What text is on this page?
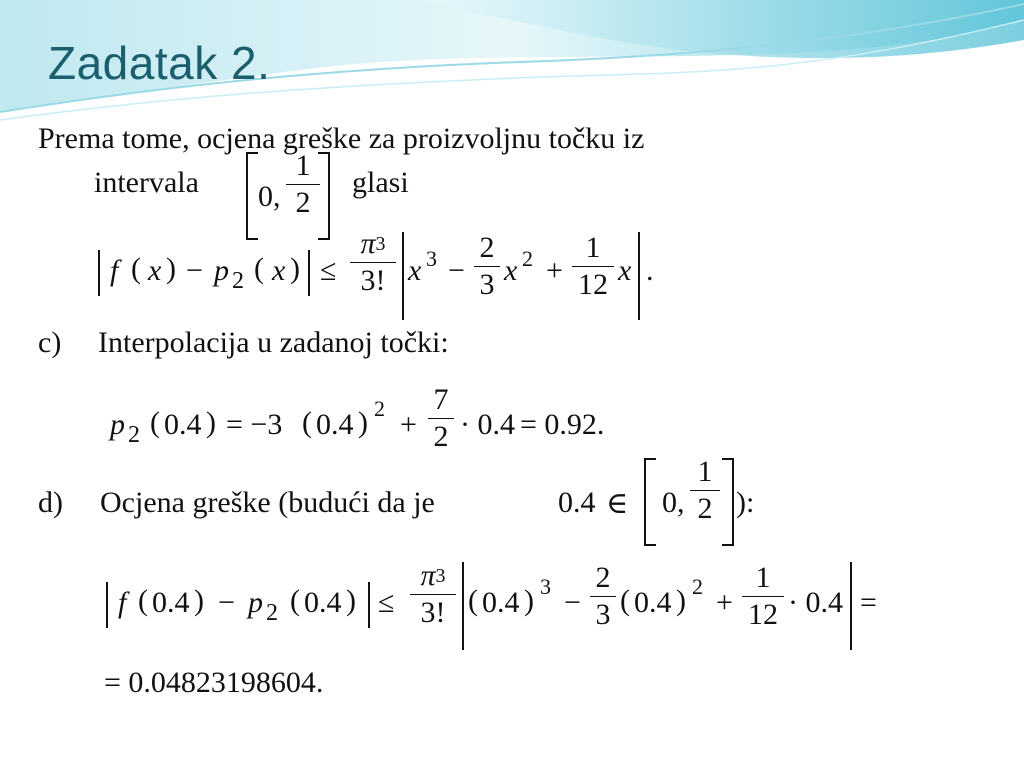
Zadatak 2.
Prema tome, ocjena greške za proizvoljnu točku iz
intervala 0,
1
2
glasi
f ( x ) − p 2 ( x ) ≤
$\pi^3$
3! x 3 −
2
3 x 2 +
1
12 x .
c) Interpolacija u zadanoj točki:
p 2 ( 0.4 ) = −3 ( 0.4 ) 2 +
7
2 · 0.4 = 0.92.
d) Ocjena greške (budući da je	0.4 ∈ 0,
1
2 ):
f ( 0.4 ) − p 2 ( 0.4 ) ≤
$\pi^3$
3! ( 0.4 ) 3 −
2
3 ( 0.4 ) 2 +
1
12 · 0.4 =
= 0.04823198604.
